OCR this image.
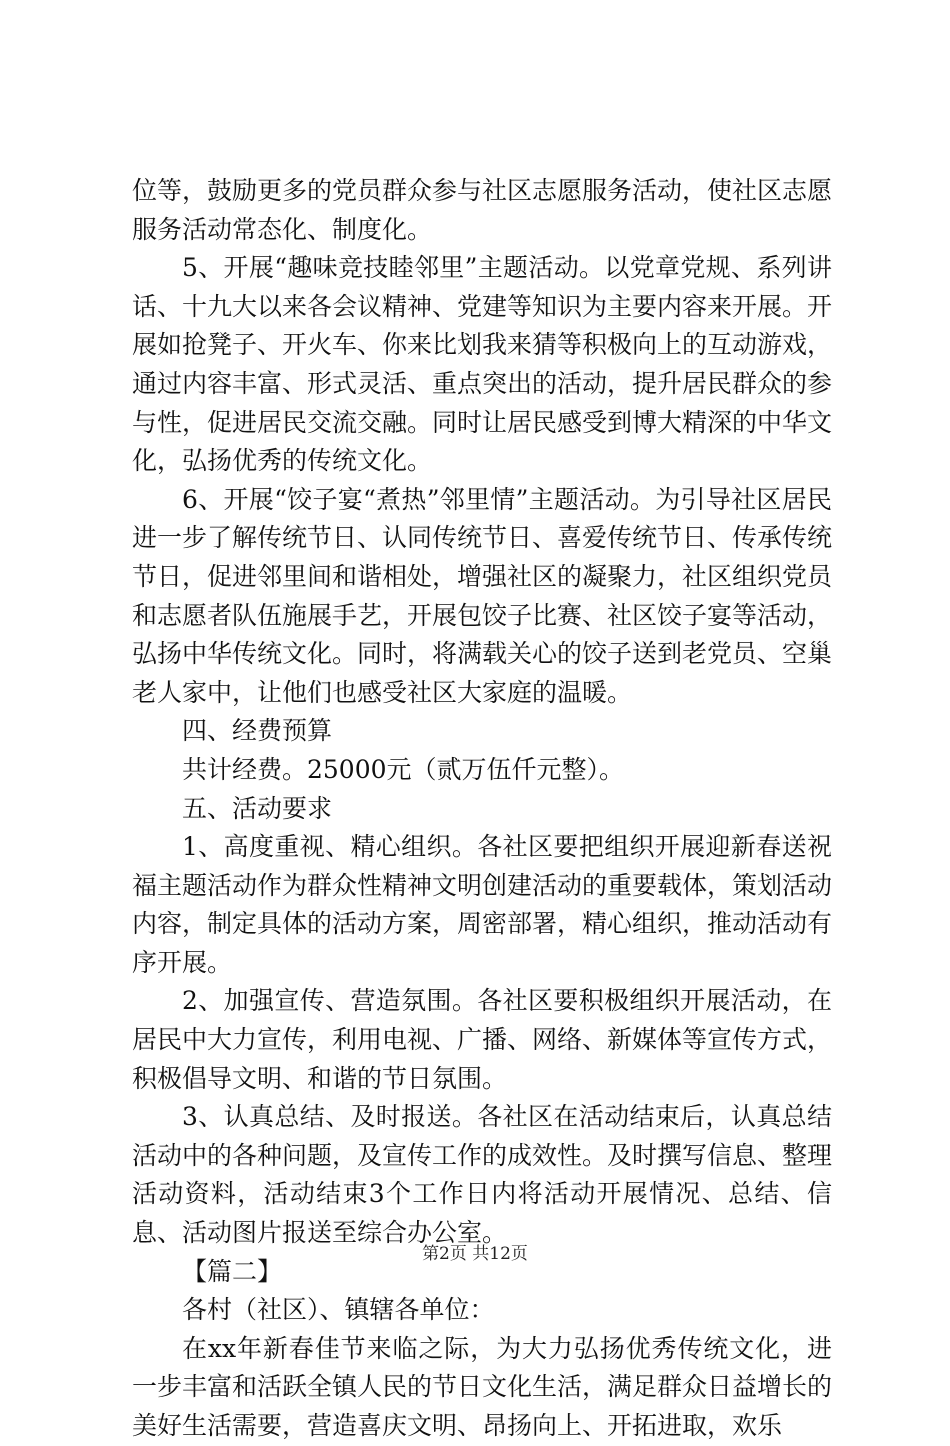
位等，鼓励更多的党员群众参与社区志愿服务活动，使社区志愿服务活动常态化、制度化。

5、开展“趣味竞技睦邻里”主题活动。以党章党规、系列讲话、十九大以来各会议精神、党建等知识为主要内容来开展。开展如抢凳子、开火车、你来比划我来猜等积极向上的互动游戏，通过内容丰富、形式灵活、重点突出的活动，提升居民群众的参与性，促进居民交流交融。同时让居民感受到博大精深的中华文化，弘扬优秀的传统文化。

6、开展“饺子宴“煮热”邻里情”主题活动。为引导社区居民进一步了解传统节日、认同传统节日、喜爱传统节日、传承传统节日，促进邻里间和谐相处，增强社区的凝聚力，社区组织党员和志愿者队伍施展手艺，开展包饺子比赛、社区饺子宴等活动，弘扬中华传统文化。同时，将满载关心的饺子送到老党员、空巢老人家中，让他们也感受社区大家庭的温暖。

四、经费预算

共计经费。25000元（贰万伍仟元整）。

五、活动要求

1、高度重视、精心组织。各社区要把组织开展迎新春送祝福主题活动作为群众性精神文明创建活动的重要载体，策划活动内容，制定具体的活动方案，周密部署，精心组织，推动活动有序开展。

2、加强宣传、营造氛围。各社区要积极组织开展活动，在居民中大力宣传，利用电视、广播、网络、新媒体等宣传方式，积极倡导文明、和谐的节日氛围。

3、认真总结、及时报送。各社区在活动结束后，认真总结活动中的各种问题，及宣传工作的成效性。及时撰写信息、整理活动资料，活动结束3个工作日内将活动开展情况、总结、信息、活动图片报送至综合办公室。

【篇二】

各村（社区）、镇辖各单位：

在xx年新春佳节来临之际，为大力弘扬优秀传统文化，进一步丰富和活跃全镇人民的节日文化生活，满足群众日益增长的美好生活需要，营造喜庆文明、昂扬向上、开拓进取，欢乐

第2页 共12页
